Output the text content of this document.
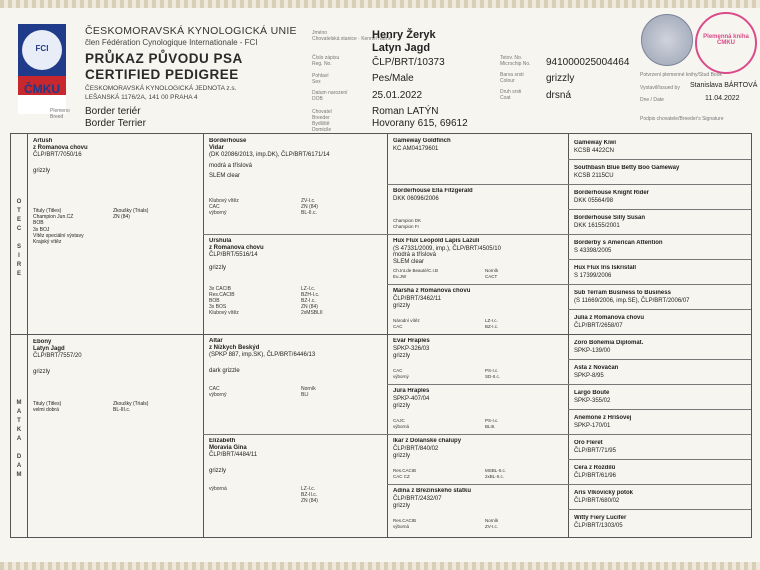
FCI
ČMKU
ČESKOMORAVSKÁ KYNOLOGICKÁ UNIE
člen Fédération Cynologique Internationale - FCI
PRŮKAZ PŮVODU PSA
CERTIFIED PEDIGREE
ČESKOMORAVSKÁ KYNOLOGICKÁ JEDNOTA z.s.
LEŠANSKÁ 1176/2A, 141 00 PRAHA 4
Plemeno
Breed	Border teriér
Border Terrier
Jméno
Chovatelská stanice · Kennel Name
Henry Žeryk
Latyn Jagd
Číslo zápisu
Reg. No.	ČLP/BRT/10373	Tetov. No.
Microchip No. 941000025004464
Pohlaví
Sex	Pes/Male	Barva srsti
Colour	grizzly
Datum narození
DOB	25.01.2022	Druh srsti
Coat	drsná
Chovatel
Breeder
Roman LATÝN
Hovorany 615, 69612
Bydliště
Domicile
Plemenná kniha ČMKU
Potvrzení plemenné knihy/Stud Book
Vystavil/Issued by Stanislava BÁRTOVÁ
Dne / Date	11.04.2022
Podpis chovatele/Breeder's Signature
O
T
E
C

S
I
R
E
M
A
T
K
A

D
A
M
Artush
z Romanova chovu
ČLP/BRT/7050/16
grizzly
Tituly (Titles)
Champion Jun.CZ
BOB
3x BOJ
Vítěz speciální výstavy
Krajský vítěz
Zkoušky (Trials)
ZN (84)
Ebony
Latyn Jagd
ČLP/BRT/7557/20
grizzly
Tituly (Titles)
velmi dobrá
Zkoušky (Trials)
BL-III.c.
Borderhouse
Vidar
(DK 02086/2013, imp.DK), ČLP/BRT/6171/14
modrá a tříslová
SLEM clear
Klubový vítěz
CAC
výborný
ZV-I.c.
ZN (84)
BL-II.c.
Urshula
z Romanova chovu
ČLP/BRT/5516/14
grizzly
3x CACIB
Res.CACIB
BOB
3x BOS
Klubový vítěz
LZ-I.c.
BZH-I.c.
BZ-I.c.
ZN (84)
2xMSBLII
Altar
z Nízkych Beskýd
(SPKP 887, imp.SK), ČLP/BRT/6446/13
dark grizzle
CAC
výborný
Norník
BLI
Elizabeth
Moravia Gina
ČLP/BRT/4484/11
grizzly
výborná	LZ-I.c.
BZ-II.c.
ZN (84)
Gameway Goldfinch
KC AM04179601
Borderhouse Ella Fitzgerald
DKK 06096/2006
Champion DK
Champion FI
Hux Flux Leopold Lapis Lazuli
(S 47331/2009, imp.), ČLP/BRT/4505/10
modrá a tříslová
SLEM clear
Ch.Int.de Beauté/C.I.B
Eu.JW
Norník
CACT
Marsha z Romanova chovu
ČLP/BRT/3462/11
grizzly
Národní vítěz
CAC
LZ-I.c.
BZ-I.c.
Evar Hraples
SPKP-326/03
grizzly
CAC
výborný
PS-I.c.
SD-II.c.
Jura Hraples
SPKP-407/04
grizzly
CAJC
výborná
PS-I.c.
BLIII.
Ikar z Dolanské chalupy
ČLP/BRT/840/02
grizzly
Res.CACIB
CAC CZ
MSBL-II.c.
2xBL-II.c.
Adina z Březinského statku
ČLP/BRT/2432/07
grizzly
Res.CACIB
výborná
Norník
ZV-I.c.
Gameway Kiwi
KCSB 4422CN
Southbash Blue Betty Boo Gameway
KCSB 2115CU
Borderhouse Knight Rider
DKK 05564/98
Borderhouse Silly Susan
DKK 16155/2001
Borderby´s American Attention
S 43398/2005
Hux Flux Iris Iskristall
S 17399/2006
Sub Terram Business to Business
(S 11669/2006, imp.SE), ČLP/BRT/2006/07
Julia z Romanova chovu
ČLP/BRT/2658/07
Zoro Bohemia Diplomat.
SPKP-139/00
Asta z Nováčan
SPKP-8/95
Largo Boute
SPKP-355/02
Anemone z Hrišovej
SPKP-170/01
Oro Fleret
ČLP/BRT/71/95
Cera z Rozdílů
ČLP/BRT/61/96
Aris Vlkovický potok
ČLP/BRT/680/02
Witty Fiery Lucifer
ČLP/BRT/1303/05
